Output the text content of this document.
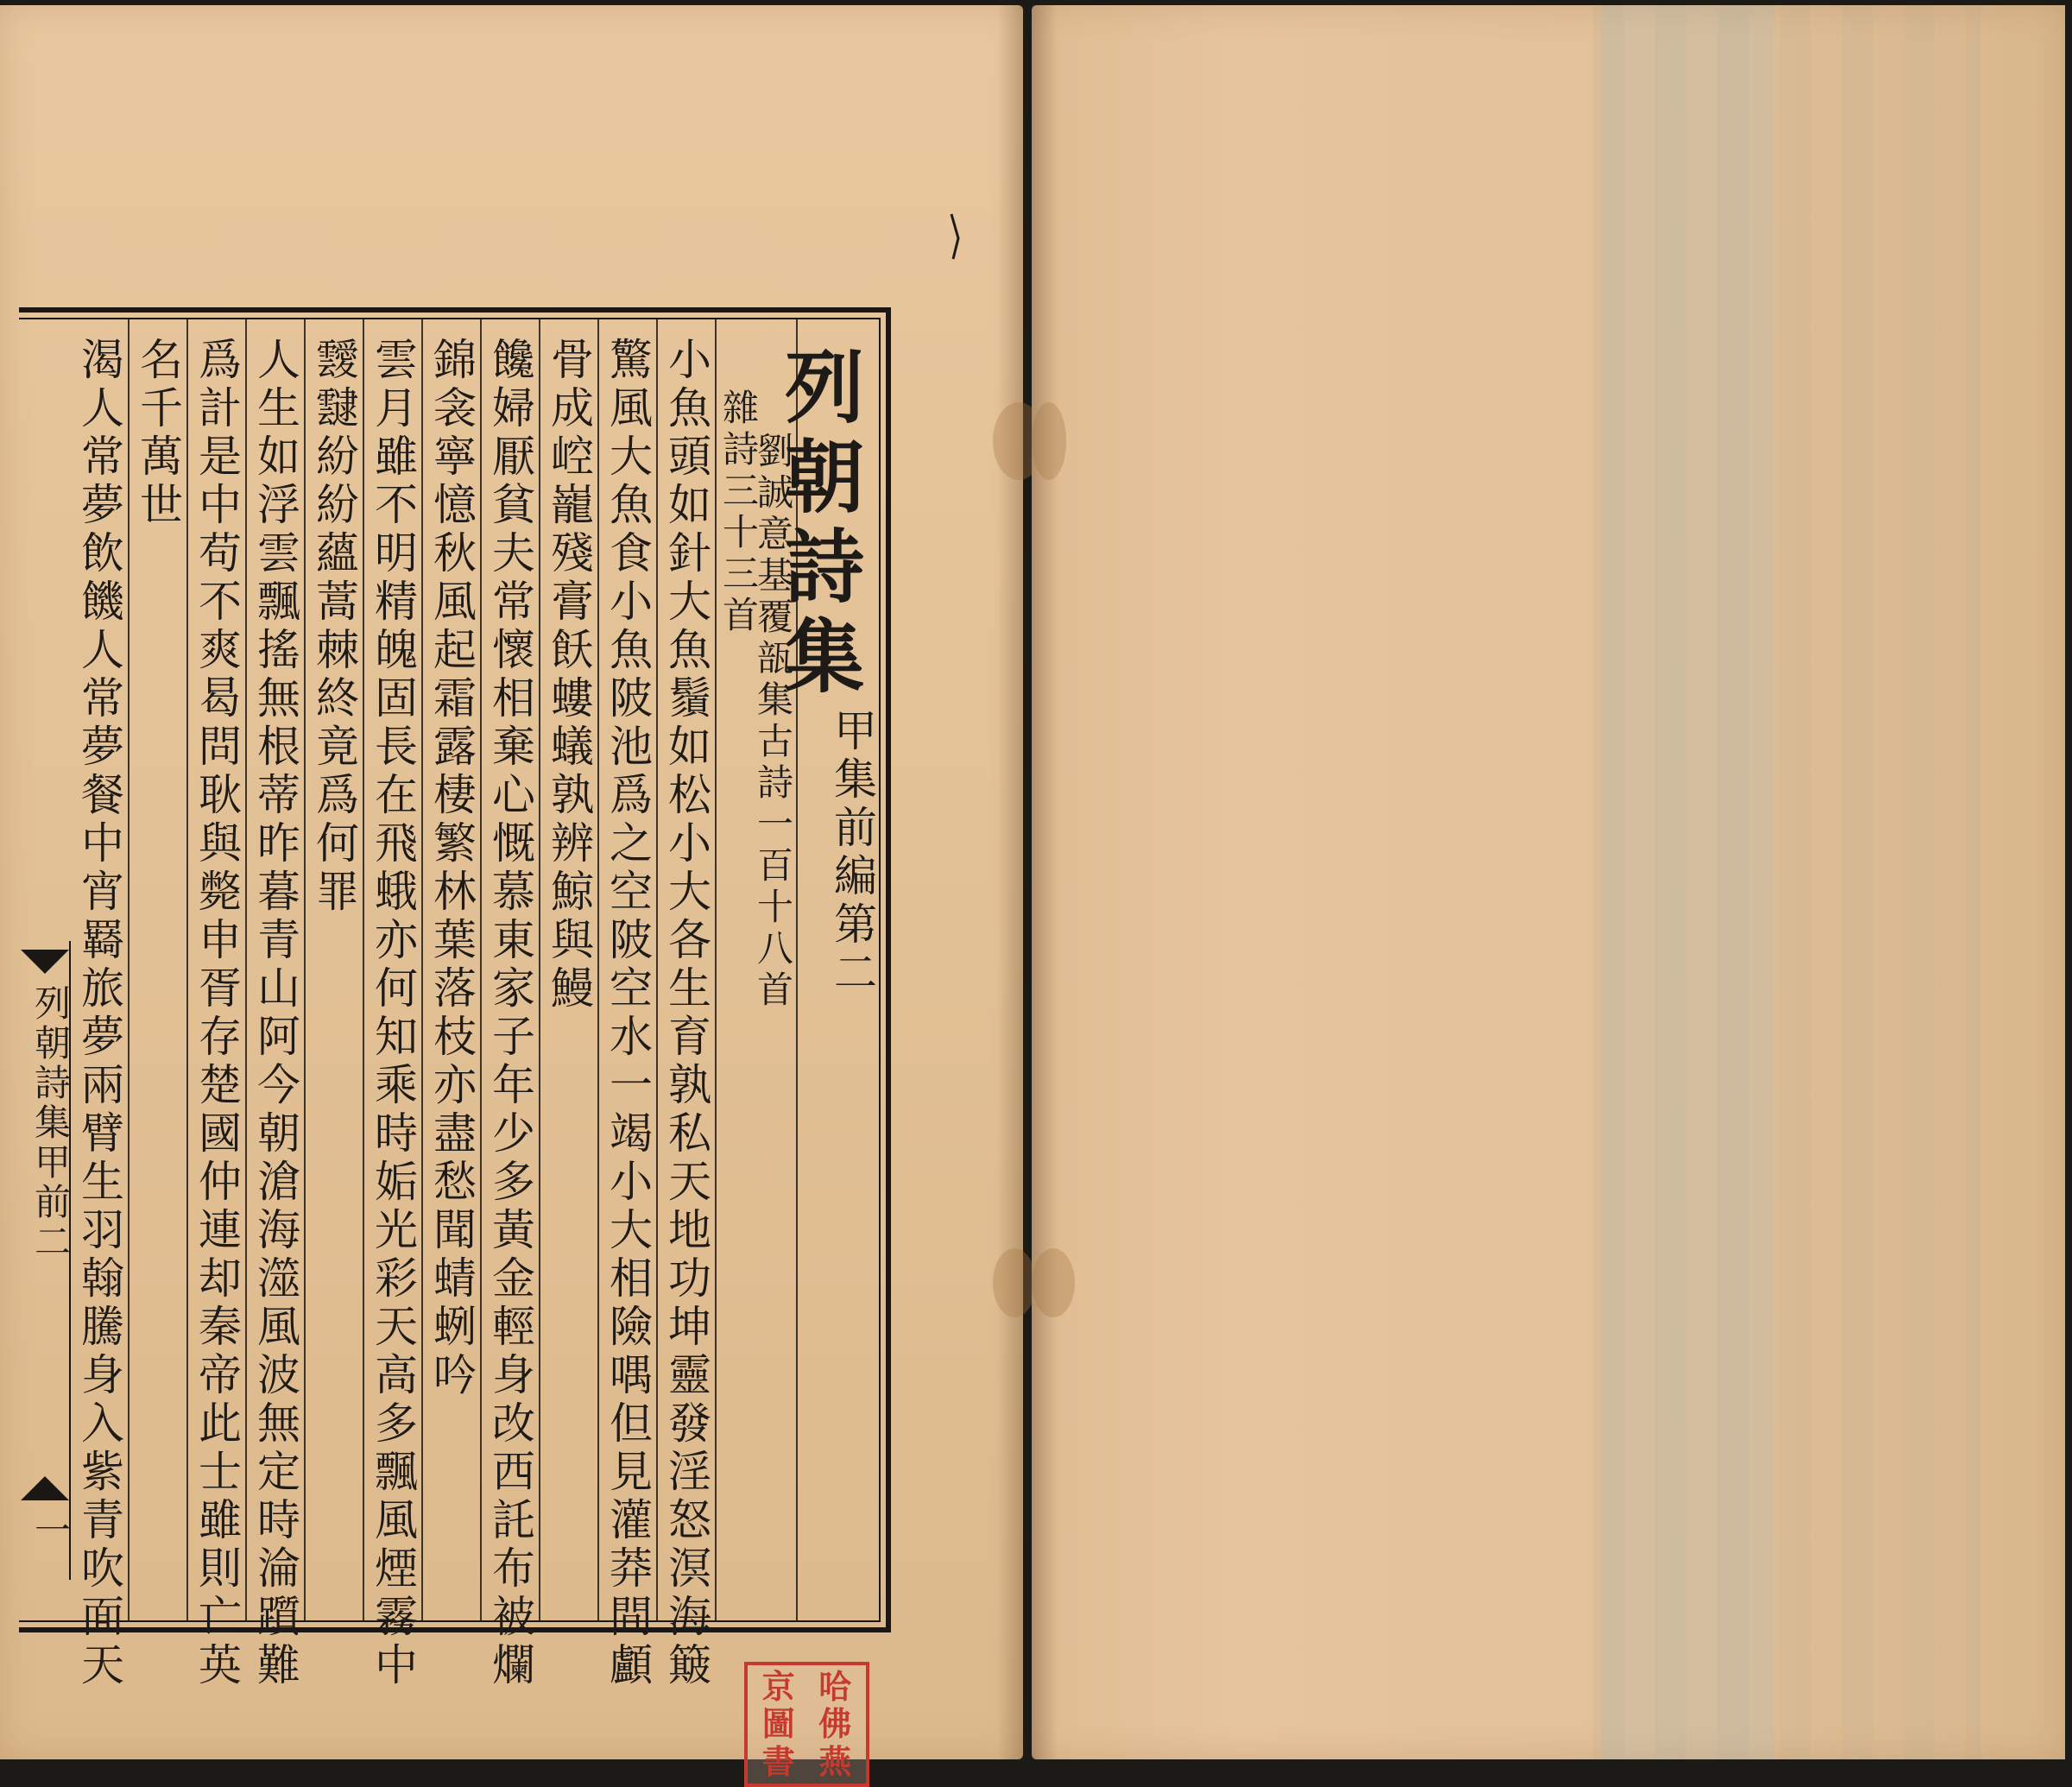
列朝詩集甲前二
一 渴人常夢飲饑人常夢餐中宵羇旅夢兩臂生羽翰騰身入紫青吹面天 名千萬世 爲計是中苟不爽曷問耿與斃申胥存楚國仲連却秦帝此士雖則亡英 人生如浮雲飄搖無根蒂昨暮青山阿今朝滄海澨風波無定時淪躓難 靉靆紛紛蘊蒿棘終竟爲何罪 雲月雖不明精魄固長在飛蛾亦何知乘時姤光彩天高多飄風煙霧中 錦衾寧憶秋風起霜露棲繁林葉落枝亦盡愁聞蜻蛚吟 饞婦厭貧夫常懷相棄心慨慕東家子年少多黃金輕身改西託布被爛 骨成崆巃殘膏飫螻蟻孰辨鯨與鰻 驚風大魚食小魚陂池爲之空陂空水一竭小大相險喁但見灌莽間顱 小魚頭如針大魚鬚如松小大各生育孰私天地功坤靈發淫怒溟海簸 雜詩三十三首
劉誠意基覆瓿集古詩一百十八首
列朝詩集
甲集前編第二
哈
佛
燕
京
圖
書
